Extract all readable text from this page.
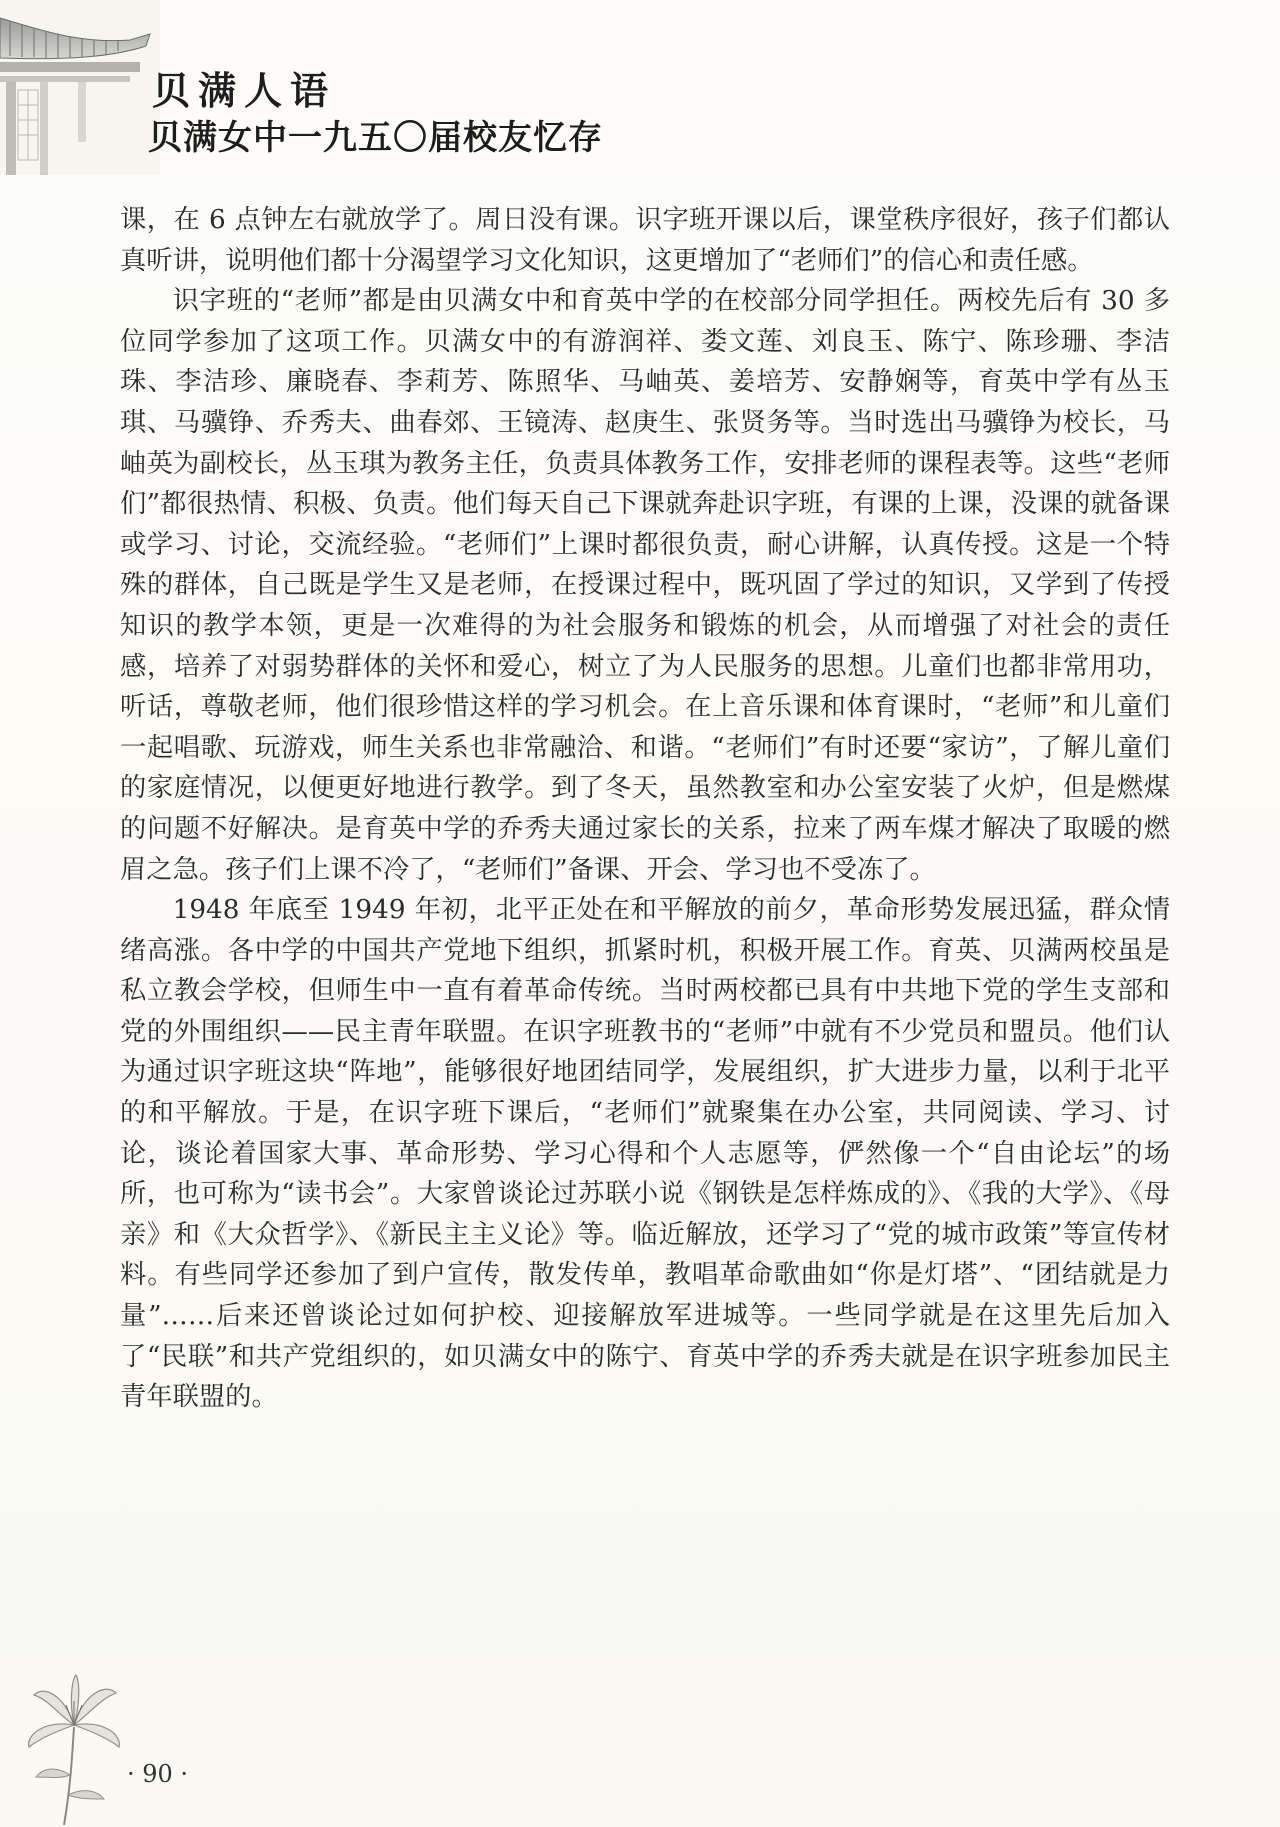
贝满人语
贝满女中一九五〇届校友忆存

课，在 6 点钟左右就放学了。周日没有课。识字班开课以后，课堂秩序很好，孩子们都认真听讲，说明他们都十分渴望学习文化知识，这更增加了“老师们”的信心和责任感。

识字班的“老师”都是由贝满女中和育英中学的在校部分同学担任。两校先后有 30 多位同学参加了这项工作。贝满女中的有游润祥、娄文莲、刘良玉、陈宁、陈珍珊、李洁珠、李洁珍、廉晓春、李莉芳、陈照华、马岫英、姜培芳、安静娴等，育英中学有丛玉琪、马骥铮、乔秀夫、曲春郊、王镜涛、赵庚生、张贤务等。当时选出马骥铮为校长，马岫英为副校长，丛玉琪为教务主任，负责具体教务工作，安排老师的课程表等。这些“老师们”都很热情、积极、负责。他们每天自己下课就奔赴识字班，有课的上课，没课的就备课或学习、讨论，交流经验。“老师们”上课时都很负责，耐心讲解，认真传授。这是一个特殊的群体，自己既是学生又是老师，在授课过程中，既巩固了学过的知识，又学到了传授知识的教学本领，更是一次难得的为社会服务和锻炼的机会，从而增强了对社会的责任感，培养了对弱势群体的关怀和爱心，树立了为人民服务的思想。儿童们也都非常用功，听话，尊敬老师，他们很珍惜这样的学习机会。在上音乐课和体育课时，“老师”和儿童们一起唱歌、玩游戏，师生关系也非常融洽、和谐。“老师们”有时还要“家访”，了解儿童们的家庭情况，以便更好地进行教学。到了冬天，虽然教室和办公室安装了火炉，但是燃煤的问题不好解决。是育英中学的乔秀夫通过家长的关系，拉来了两车煤才解决了取暖的燃眉之急。孩子们上课不冷了，“老师们”备课、开会、学习也不受冻了。

1948 年底至 1949 年初，北平正处在和平解放的前夕，革命形势发展迅猛，群众情绪高涨。各中学的中国共产党地下组织，抓紧时机，积极开展工作。育英、贝满两校虽是私立教会学校，但师生中一直有着革命传统。当时两校都已具有中共地下党的学生支部和党的外围组织——民主青年联盟。在识字班教书的“老师”中就有不少党员和盟员。他们认为通过识字班这块“阵地”，能够很好地团结同学，发展组织，扩大进步力量，以利于北平的和平解放。于是，在识字班下课后，“老师们”就聚集在办公室，共同阅读、学习、讨论，谈论着国家大事、革命形势、学习心得和个人志愿等，俨然像一个“自由论坛”的场所，也可称为“读书会”。大家曾谈论过苏联小说《钢铁是怎样炼成的》、《我的大学》、《母亲》和《大众哲学》、《新民主主义论》等。临近解放，还学习了“党的城市政策”等宣传材料。有些同学还参加了到户宣传，散发传单，教唱革命歌曲如“你是灯塔”、“团结就是力量”……后来还曾谈论过如何护校、迎接解放军进城等。一些同学就是在这里先后加入了“民联”和共产党组织的，如贝满女中的陈宁、育英中学的乔秀夫就是在识字班参加民主青年联盟的。

· 90 ·
